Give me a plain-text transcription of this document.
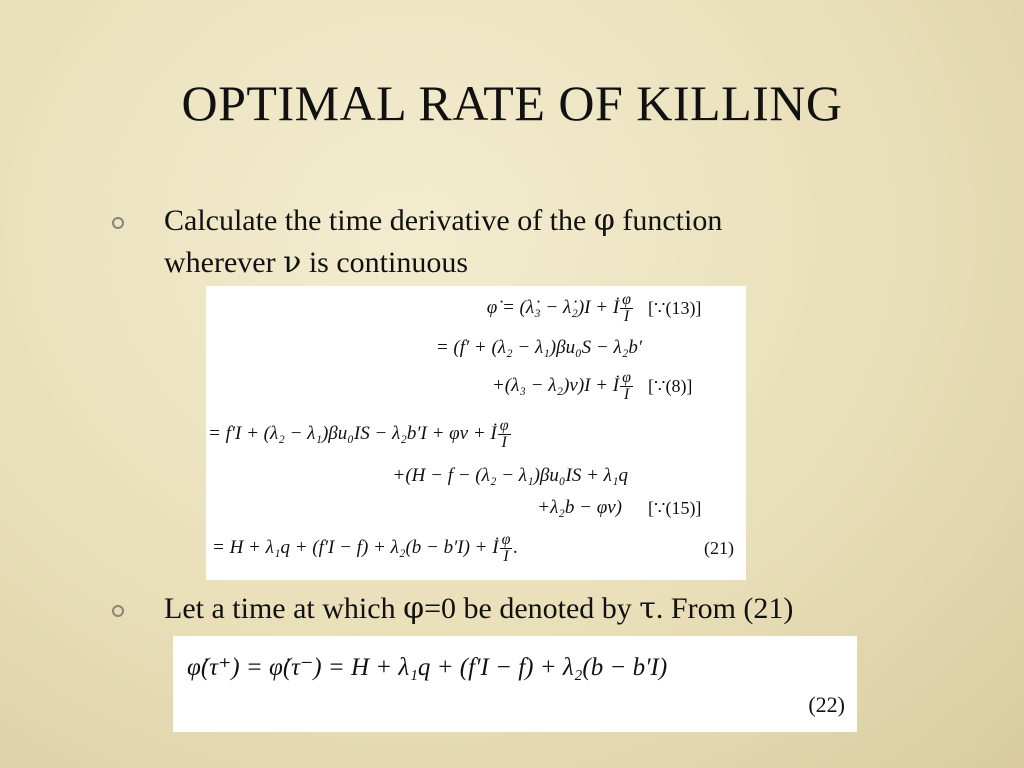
OPTIMAL RATE OF KILLING
Calculate the time derivative of the φ function
wherever ν is continuous
φ̇ = (λ̇₃ − λ̇₂)I + İ $\frac{\varphi}{I}$ [∵(13)]
= (f′ + (λ₂ − λ₁)βu₀S − λ₂b′
+(λ₃ − λ₂)ν)I + İ $\frac{\varphi}{I}$ [∵(8)]
= f′I + (λ₂ − λ₁)βu₀IS − λ₂b′I + φν + İ $\frac{\varphi}{I}$
+(H − f − (λ₂ − λ₁)βu₀IS + λ₁q
+λ₂b − φν) [∵(15)]
= H + λ₁q + (f′I − f) + λ₂(b − b′I) + İ $\frac{\varphi}{I}$ .	(21)
Let a time at which φ=0 be denoted by τ. From (21)
φ̇(τ⁺) = φ̇(τ⁻) = H + λ₁q + (f′I − f) + λ₂(b − b′I)
(22)
